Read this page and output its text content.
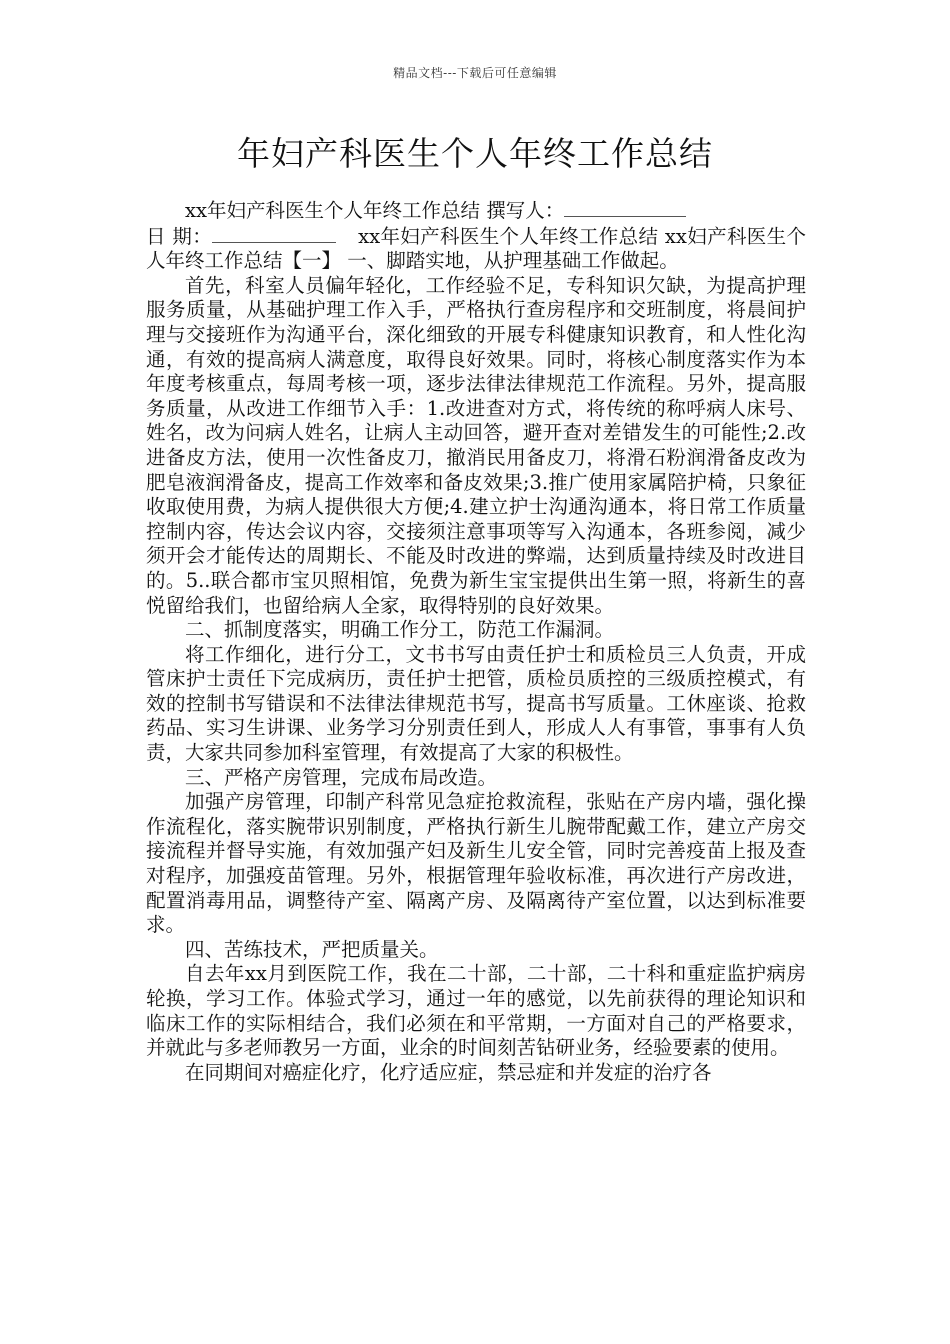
精品文档---下载后可任意编辑
年妇产科医生个人年终工作总结

xx年妇产科医生个人年终工作总结 撰写人：
日 期：	xx年妇产科医生个人年终工作总结 xx妇产科医生个人年终工作总结【一】 一、脚踏实地，从护理基础工作做起。

首先，科室人员偏年轻化，工作经验不足，专科知识欠缺，为提高护理服务质量，从基础护理工作入手，严格执行查房程序和交班制度，将晨间护理与交接班作为沟通平台，深化细致的开展专科健康知识教育，和人性化沟通，有效的提高病人满意度，取得良好效果。同时，将核心制度落实作为本年度考核重点，每周考核一项，逐步法律法律规范工作流程。另外，提高服务质量，从改进工作细节入手：1.改进查对方式，将传统的称呼病人床号、姓名，改为问病人姓名，让病人主动回答，避开查对差错发生的可能性;2.改进备皮方法，使用一次性备皮刀，撤消民用备皮刀，将滑石粉润滑备皮改为肥皂液润滑备皮，提高工作效率和备皮效果;3.推广使用家属陪护椅，只象征收取使用费，为病人提供很大方便;4.建立护士沟通沟通本，将日常工作质量控制内容，传达会议内容，交接须注意事项等写入沟通本，各班参阅，减少须开会才能传达的周期长、不能及时改进的弊端，达到质量持续及时改进目的。5..联合都市宝贝照相馆，免费为新生宝宝提供出生第一照，将新生的喜悦留给我们，也留给病人全家，取得特别的良好效果。

二、抓制度落实，明确工作分工，防范工作漏洞。

将工作细化，进行分工，文书书写由责任护士和质检员三人负责，开成管床护士责任下完成病历，责任护士把管，质检员质控的三级质控模式，有效的控制书写错误和不法律法律规范书写，提高书写质量。工休座谈、抢救药品、实习生讲课、业务学习分别责任到人，形成人人有事管，事事有人负责，大家共同参加科室管理，有效提高了大家的积极性。

三、严格产房管理，完成布局改造。

加强产房管理，印制产科常见急症抢救流程，张贴在产房内墙，强化操作流程化，落实腕带识别制度，严格执行新生儿腕带配戴工作，建立产房交接流程并督导实施，有效加强产妇及新生儿安全管，同时完善疫苗上报及查对程序，加强疫苗管理。另外，根据管理年验收标准，再次进行产房改进，配置消毒用品，调整待产室、隔离产房、及隔离待产室位置，以达到标准要求。

四、苦练技术，严把质量关。

自去年xx月到医院工作，我在二十部，二十部，二十科和重症监护病房轮换，学习工作。体验式学习，通过一年的感觉，以先前获得的理论知识和临床工作的实际相结合，我们必须在和平常期，一方面对自己的严格要求，并就此与多老师教另一方面，业余的时间刻苦钻研业务，经验要素的使用。

在同期间对癌症化疗，化疗适应症，禁忌症和并发症的治疗各
